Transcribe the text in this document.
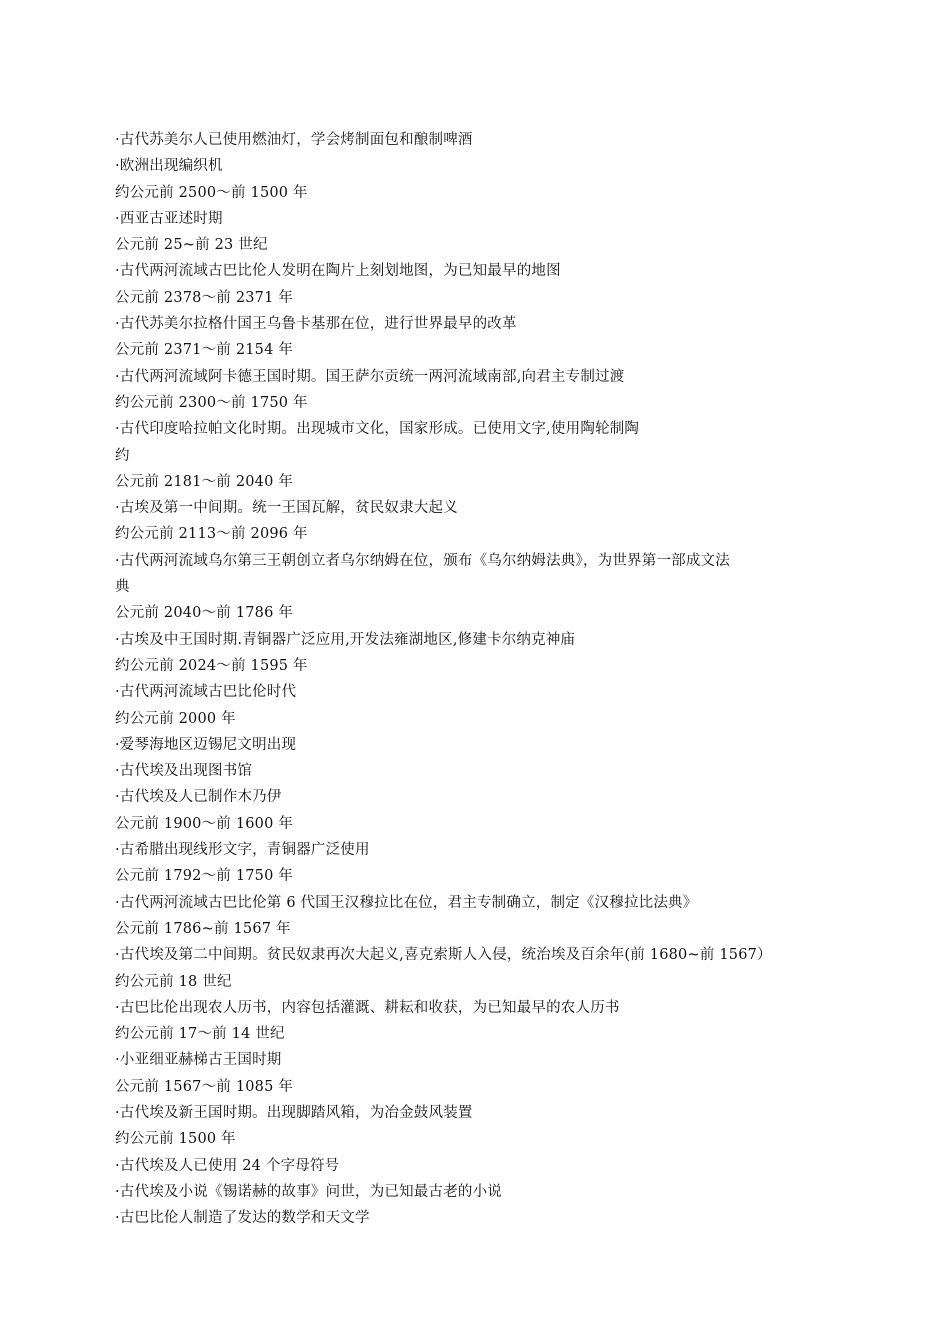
·古代苏美尔人已使用燃油灯，学会烤制面包和酿制啤酒
·欧洲出现编织机
约公元前 2500～前 1500 年
·西亚古亚述时期
公元前 25~前 23 世纪
·古代两河流域古巴比伦人发明在陶片上刻划地图，为已知最早的地图
公元前 2378～前 2371 年
·古代苏美尔拉格什国王乌鲁卡基那在位，进行世界最早的改革
公元前 2371～前 2154 年
·古代两河流域阿卡德王国时期。国王萨尔贡统一两河流域南部,向君主专制过渡
约公元前 2300～前 1750 年
·古代印度哈拉帕文化时期。出现城市文化，国家形成。已使用文字,使用陶轮制陶
约
公元前 2181～前 2040 年
·古埃及第一中间期。统一王国瓦解，贫民奴隶大起义
约公元前 2113～前 2096 年
·古代两河流域乌尔第三王朝创立者乌尔纳姆在位，颁布《乌尔纳姆法典》，为世界第一部成文法
典
公元前 2040～前 1786 年
·古埃及中王国时期.青铜器广泛应用,开发法雍湖地区,修建卡尔纳克神庙
约公元前 2024～前 1595 年
·古代两河流域古巴比伦时代
约公元前 2000 年
·爱琴海地区迈锡尼文明出现
·古代埃及出现图书馆
·古代埃及人已制作木乃伊
公元前 1900～前 1600 年
·古希腊出现线形文字，青铜器广泛使用
公元前 1792～前 1750 年
·古代两河流域古巴比伦第 6 代国王汉穆拉比在位，君主专制确立，制定《汉穆拉比法典》
公元前 1786~前 1567 年
·古代埃及第二中间期。贫民奴隶再次大起义,喜克索斯人入侵，统治埃及百余年(前 1680~前 1567）
约公元前 18 世纪
·古巴比伦出现农人历书，内容包括灌溉、耕耘和收获，为已知最早的农人历书
约公元前 17～前 14 世纪
·小亚细亚赫梯古王国时期
公元前 1567～前 1085 年
·古代埃及新王国时期。出现脚踏风箱，为冶金鼓风装置
约公元前 1500 年
·古代埃及人已使用 24 个字母符号
·古代埃及小说《锡诺赫的故事》问世，为已知最古老的小说
·古巴比伦人制造了发达的数学和天文学
